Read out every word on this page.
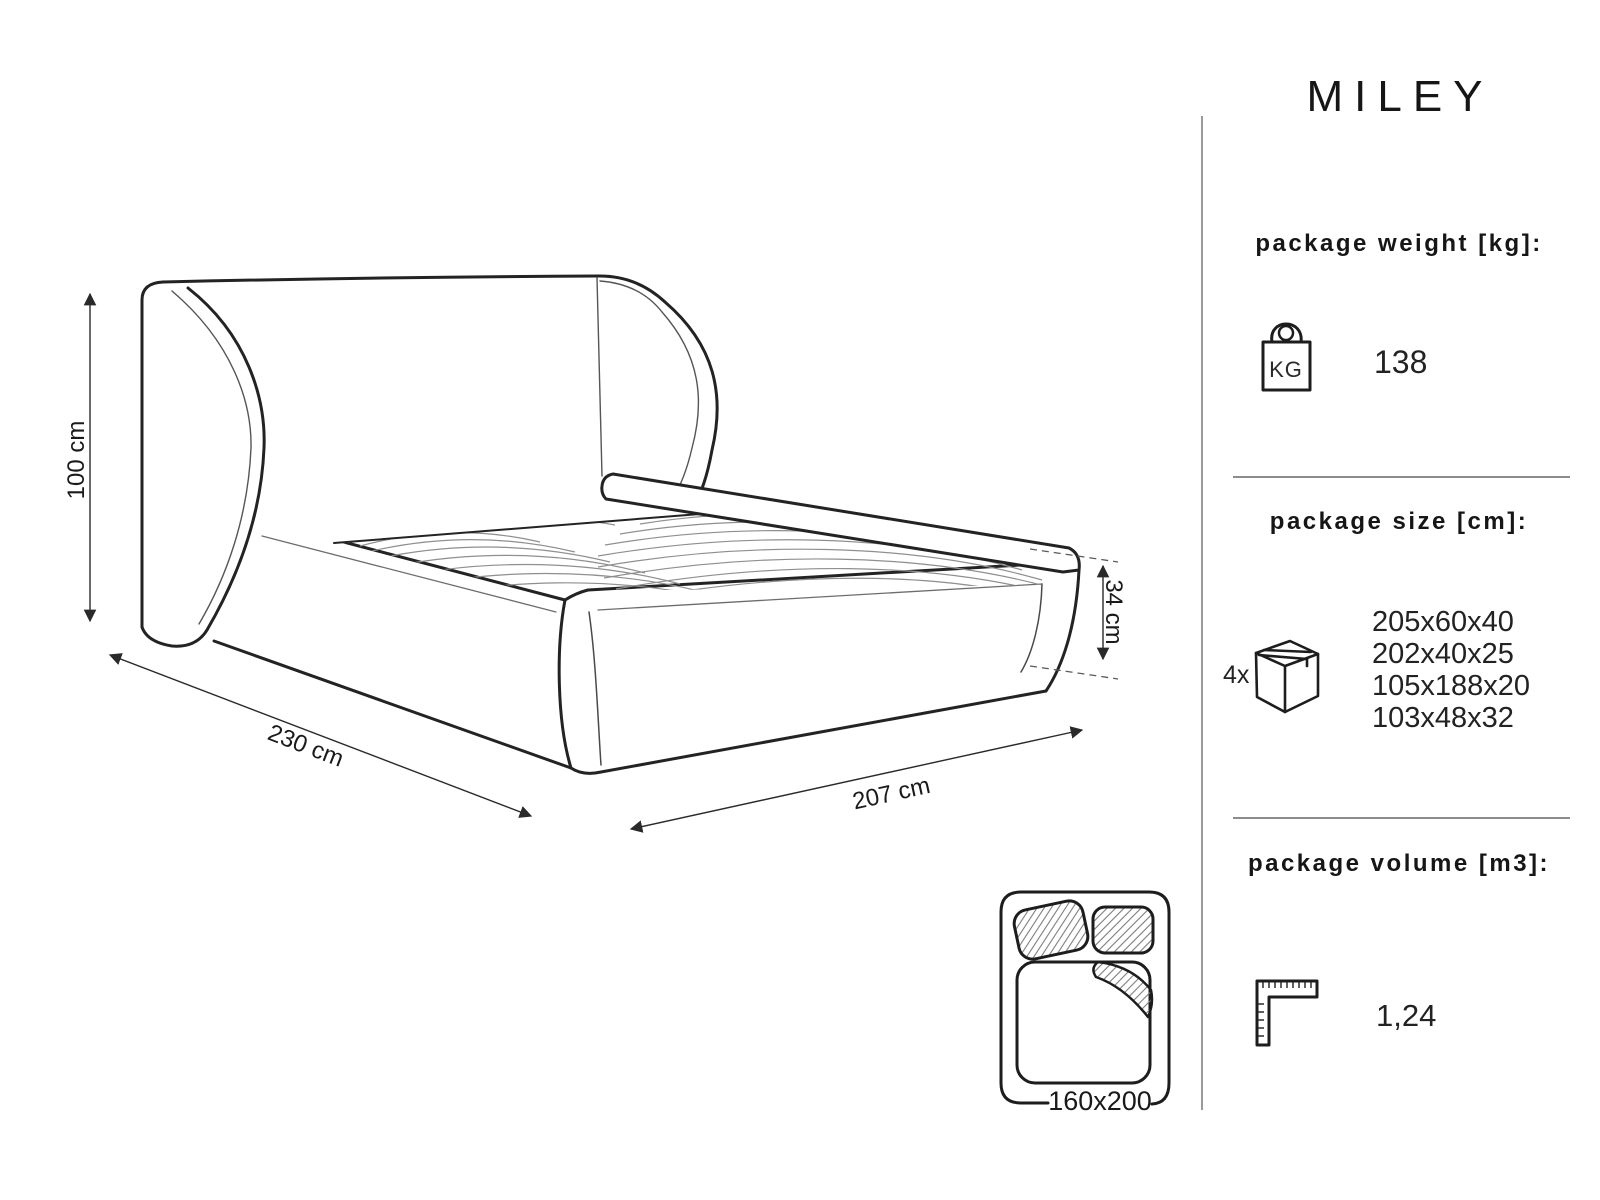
100 cm
230 cm
207 cm
34 cm
160x200
KG
MILEY
package weight [kg]:
138
package size [cm]:
4x
205x60x40
202x40x25
105x188x20
103x48x32
package volume [m3]:
1,24
